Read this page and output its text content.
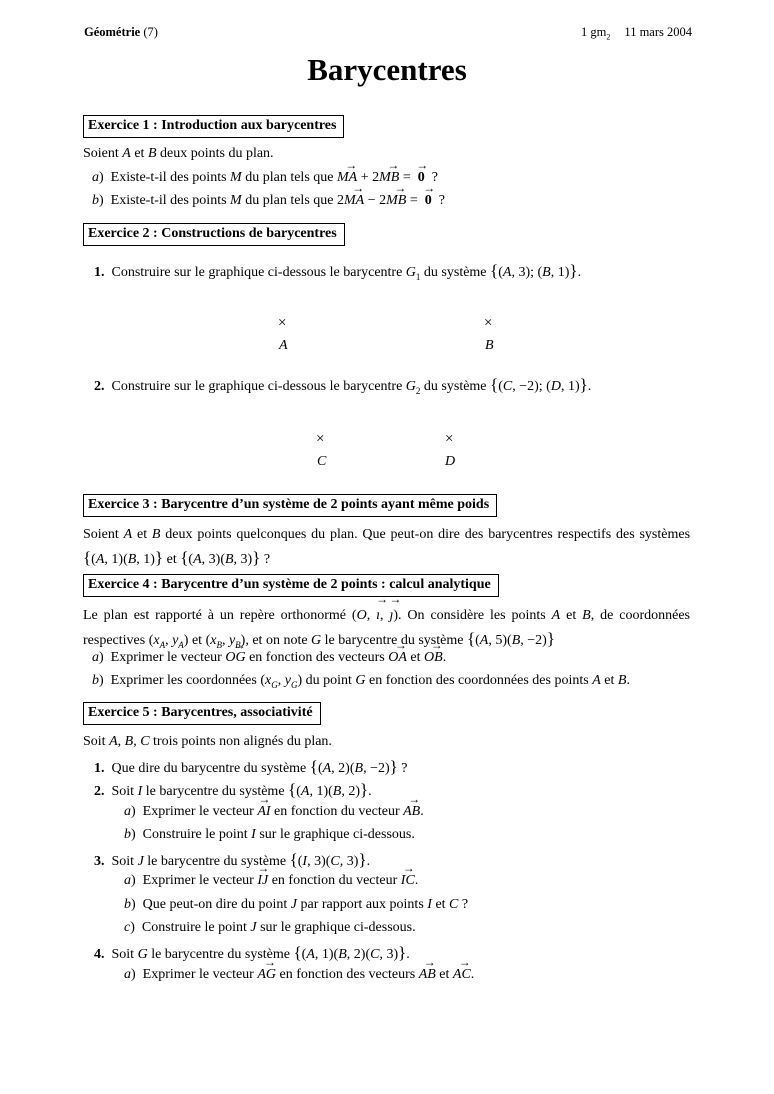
Géométrie (7)	1 $gm_2$ 11 mars 2004
Barycentres
Exercice 1 : Introduction aux barycentres
Soient A et B deux points du plan.
a)  Existe-t-il des points M du plan tels que → MA + 2→ MB = →  0  ?
b)  Existe-t-il des points M du plan tels que 2→ MA − 2→ MB = →  0  ?
Exercice 2 : Constructions de barycentres
1.  Construire sur le graphique ci-dessous le barycentre $G_1$ du système {(A, 3); (B, 1)}.
×
A
×
B
2.  Construire sur le graphique ci-dessous le barycentre $G_2$ du système {(C, −2); (D, 1)}.
×
C
×
D
Exercice 3 : Barycentre d’un système de 2 points ayant même poids
Soient A et B deux points quelconques du plan. Que peut-on dire des barycentres respectifs des systèmes {(A, 1)(B, 1)} et {(A, 3)(B, 3)} ?
Exercice 4 : Barycentre d’un système de 2 points : calcul analytique
Le plan est rapporté à un repère orthonormé (O, → ı, → ȷ). On considère les points A et B, de coordonnées respectives ($x_A$, $y_A$) et ($x_B$, $y_B$), et on note G le barycentre du système {(A, 5)(B, −2)}
a)  Exprimer le vecteur → OG en fonction des vecteurs → OA et → OB.
b)  Exprimer les coordonnées ($x_G$, $y_G$) du point G en fonction des coordonnées des points A et B.
Exercice 5 : Barycentres, associativité
Soit A, B, C trois points non alignés du plan.
1.  Que dire du barycentre du système {(A, 2)(B, −2)} ?
2.  Soit I le barycentre du système {(A, 1)(B, 2)}.
a)  Exprimer le vecteur → AI en fonction du vecteur → AB.
b)  Construire le point I sur le graphique ci-dessous.
3.  Soit J le barycentre du système {(I, 3)(C, 3)}.
a)  Exprimer le vecteur → IJ en fonction du vecteur → IC.
b)  Que peut-on dire du point J par rapport aux points I et C ?
c)  Construire le point J sur le graphique ci-dessous.
4.  Soit G le barycentre du système {(A, 1)(B, 2)(C, 3)}.
a)  Exprimer le vecteur → AG en fonction des vecteurs → AB et → AC.
